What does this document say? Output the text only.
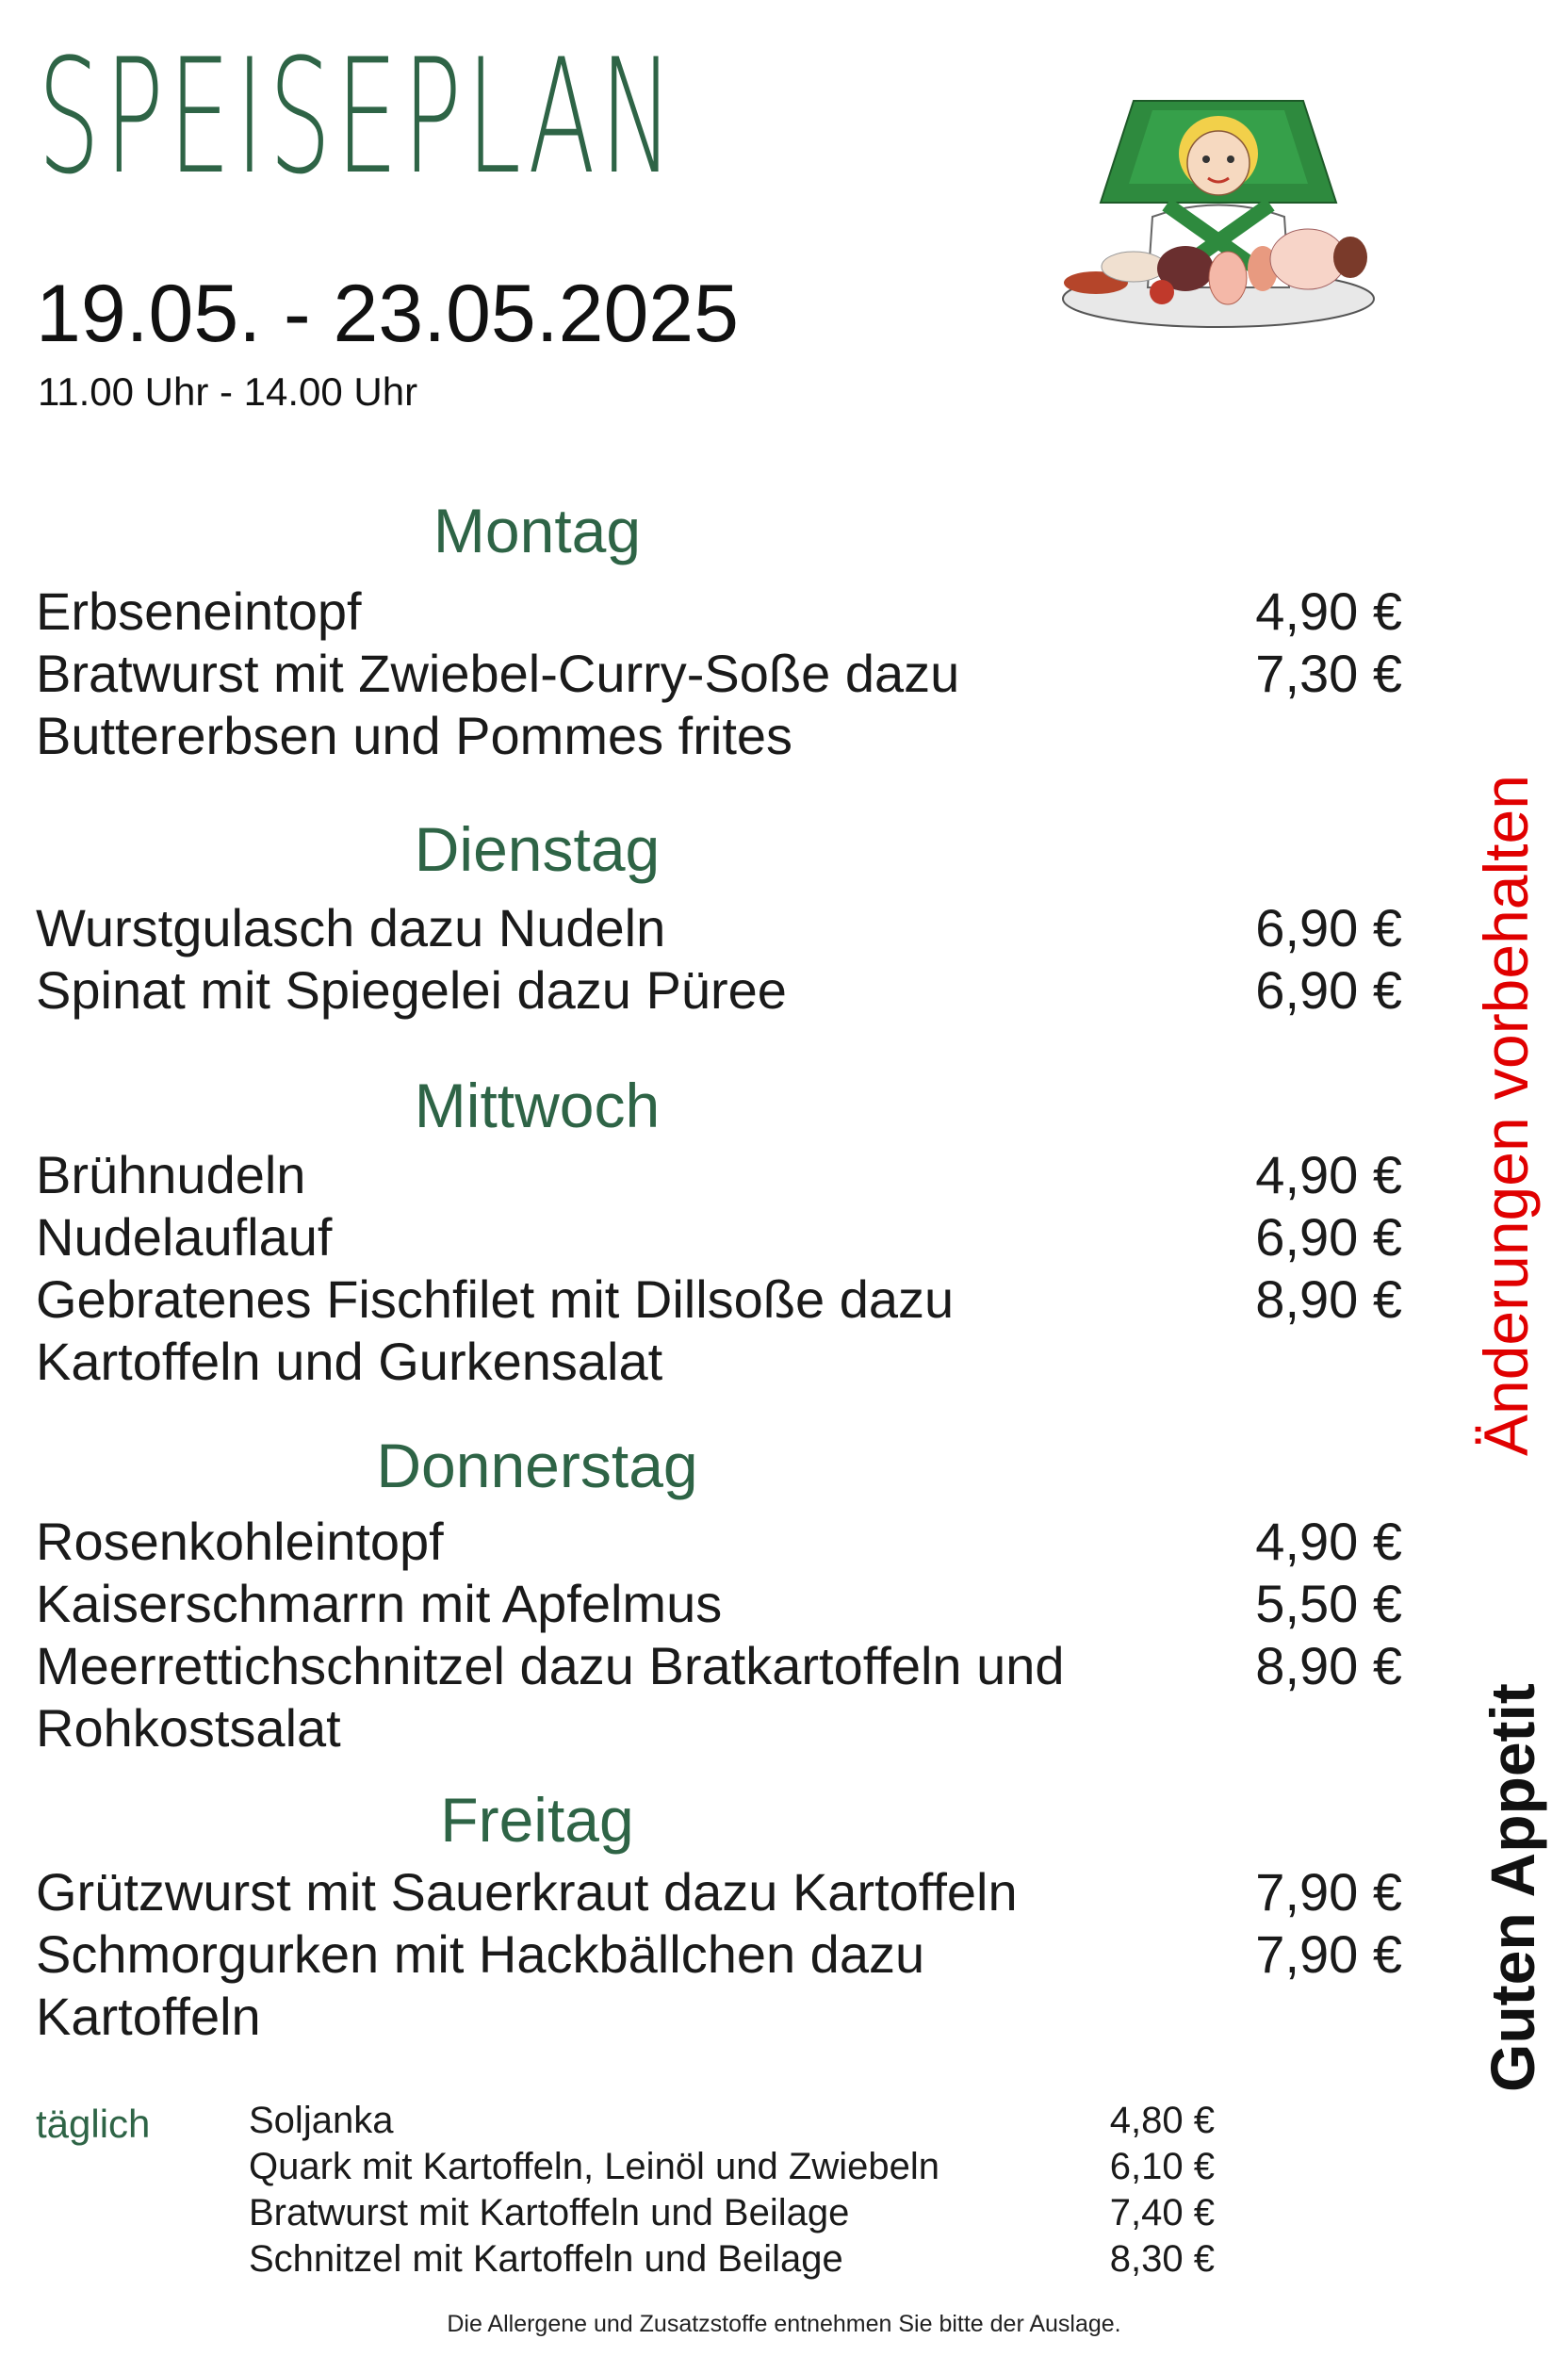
SPEISEPLAN
19.05. - 23.05.2025
11.00 Uhr - 14.00 Uhr
Montag
Erbseneintopf	4,90 €
Bratwurst mit Zwiebel-Curry-Soße dazu	7,30 €
Buttererbsen und Pommes frites
Dienstag
Wurstgulasch dazu Nudeln	6,90 €
Spinat mit Spiegelei dazu Püree	6,90 €
Mittwoch
Brühnudeln	4,90 €
Nudelauflauf	6,90 €
Gebratenes Fischfilet mit Dillsoße dazu	8,90 €
Kartoffeln und Gurkensalat
Donnerstag
Rosenkohleintopf	4,90 €
Kaiserschmarrn mit Apfelmus	5,50 €
Meerrettichschnitzel dazu Bratkartoffeln und	8,90 €
Rohkostsalat
Freitag
Grützwurst mit Sauerkraut dazu Kartoffeln	7,90 €
Schmorgurken mit Hackbällchen dazu	7,90 €
Kartoffeln
Änderungen vorbehalten
Guten Appetit
täglich	Soljanka	4,80 €
Quark mit Kartoffeln, Leinöl und Zwiebeln	6,10 €
Bratwurst mit Kartoffeln und Beilage	7,40 €
Schnitzel mit Kartoffeln und Beilage	8,30 €
Die Allergene und Zusatzstoffe entnehmen Sie bitte der Auslage.
